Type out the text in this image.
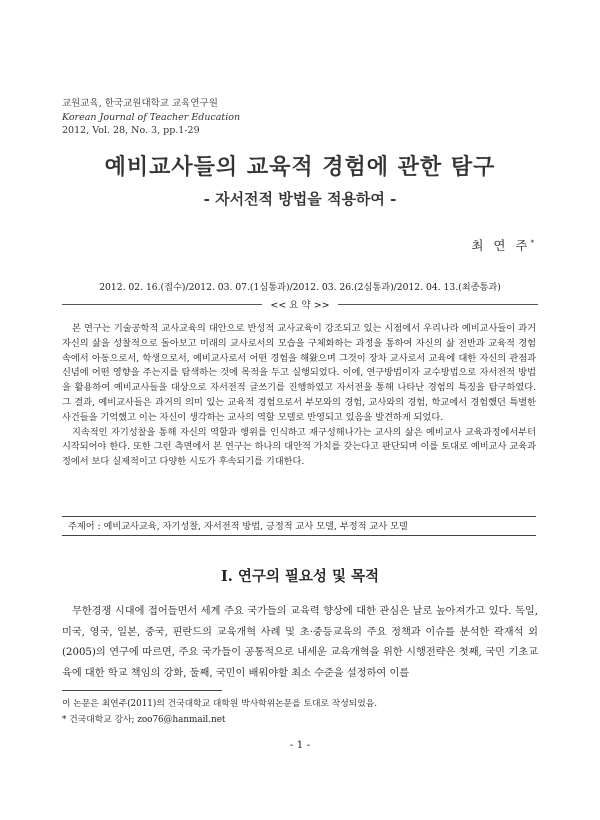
교원교육, 한국교원대학교 교육연구원
Korean Journal of Teacher Education
2012, Vol. 28, No. 3, pp.1-29
예비교사들의 교육적 경험에 관한 탐구
- 자서전적 방법을 적용하여 -
최 연 주*
2012. 02. 16.(접수)/2012. 03. 07.(1심통과)/2012. 03. 26.(2심통과)/2012. 04. 13.(최종통과)
<< 요 약 >>

본 연구는 기술공학적 교사교육의 대안으로 반성적 교사교육이 강조되고 있는 시점에서 우리나라 예비교사들이 과거 자신의 삶을 성찰적으로 돌아보고 미래의 교사로서의 모습을 구체화하는 과정을 통하여 자신의 삶 전반과 교육적 경험 속에서 아동으로서, 학생으로서, 예비교사로서 어떤 경험을 해왔으며 그것이 장차 교사로서 교육에 대한 자신의 관점과 신념에 어떤 영향을 주는지를 탐색하는 것에 목적을 두고 실행되었다. 이에, 연구방법이자 교수방법으로 자서전적 방법을 활용하여 예비교사들을 대상으로 자서전적 글쓰기를 진행하였고 자서전을 통해 나타난 경험의 특징을 탐구하였다. 그 결과, 예비교사들은 과거의 의미 있는 교육적 경험으로서 부모와의 경험, 교사와의 경험, 학교에서 경험했던 특별한 사건들을 기억했고 이는 자신이 생각하는 교사의 역할 모델로 반영되고 있음을 발견하게 되었다.

지속적인 자기성찰을 통해 자신의 역할과 행위를 인식하고 재구성해나가는 교사의 삶은 예비교사 교육과정에서부터 시작되어야 한다. 또한 그런 측면에서 본 연구는 하나의 대안적 가치를 갖는다고 판단되며 이를 토대로 예비교사 교육과정에서 보다 실제적이고 다양한 시도가 후속되기를 기대한다.

주제어 : 예비교사교육, 자기성찰, 자서전적 방법, 긍정적 교사 모델, 부정적 교사 모델
Ⅰ. 연구의 필요성 및 목적

무한경쟁 시대에 접어들면서 세계 주요 국가들의 교육력 향상에 대한 관심은 날로 높아져가고 있다. 독일, 미국, 영국, 일본, 중국, 핀란드의 교육개혁 사례 및 초·중등교육의 주요 정책과 이슈를 분석한 곽재석 외(2005)의 연구에 따르면, 주요 국가들이 공통적으로 내세운 교육개혁을 위한 시행전략은 첫째, 국민 기초교육에 대한 학교 책임의 강화, 둘째, 국민이 배워야할 최소 수준을 설정하여 이를

이 논문은 최연주(2011)의 건국대학교 대학원 박사학위논문을 토대로 작성되었음.
* 건국대학교 강사; zoo76@hanmail.net
- 1 -
